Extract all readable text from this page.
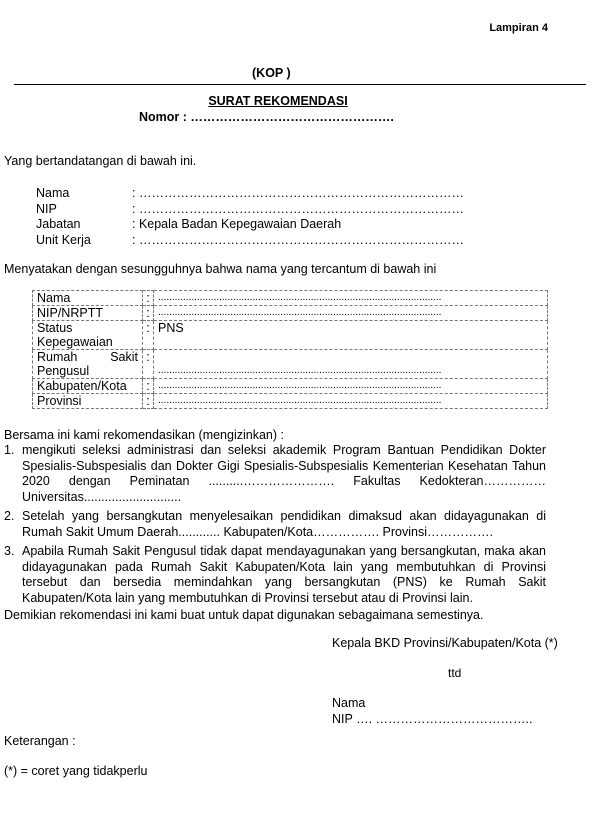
Lampiran 4
(KOP )
SURAT REKOMENDASI
Nomor : ………………………………………….
Yang bertandatangan di bawah ini.
Nama	: ……………………………………………………………………
NIP	: ……………………………………………………………………
Jabatan	: Kepala Badan Kepegawaian Daerah
Unit Kerja	: ……………………………………………………………………
Menyatakan dengan sesungguhnya bahwa nama yang tercantum di bawah ini
Nama	:	......................................................................................................
NIP/NRPTT	:	......................................................................................................

Status
Kepegawaian	:	PNS

Rumah Sakit
Pengusul	:	......................................................................................................
Kabupaten/Kota	:	......................................................................................................
Provinsi	:	......................................................................................................
Bersama ini kami rekomendasikan (mengizinkan) :
1. mengikuti seleksi administrasi dan seleksi akademik Program Bantuan Pendidikan Dokter Spesialis-Subspesialis dan Dokter Gigi Spesialis-Subspesialis Kementerian Kesehatan Tahun 2020 dengan Peminatan ..........…………………. Fakultas Kedokteran…………… Universitas............................
2. Setelah yang bersangkutan menyelesaikan pendidikan dimaksud akan didayagunakan di Rumah Sakit Umum Daerah............ Kabupaten/Kota……………. Provinsi…………….
3. Apabila Rumah Sakit Pengusul tidak dapat mendayagunakan yang bersangkutan, maka akan didayagunakan pada Rumah Sakit Kabupaten/Kota lain yang membutuhkan di Provinsi tersebut dan bersedia memindahkan yang bersangkutan (PNS) ke Rumah Sakit Kabupaten/Kota lain yang membutuhkan di Provinsi tersebut atau di Provinsi lain.
Demikian rekomendasi ini kami buat untuk dapat digunakan sebagaimana semestinya.
Kepala BKD Provinsi/Kabupaten/Kota (*)
ttd
Nama
NIP …. ………………………………..
Keterangan :
(*) = coret yang tidakperlu
